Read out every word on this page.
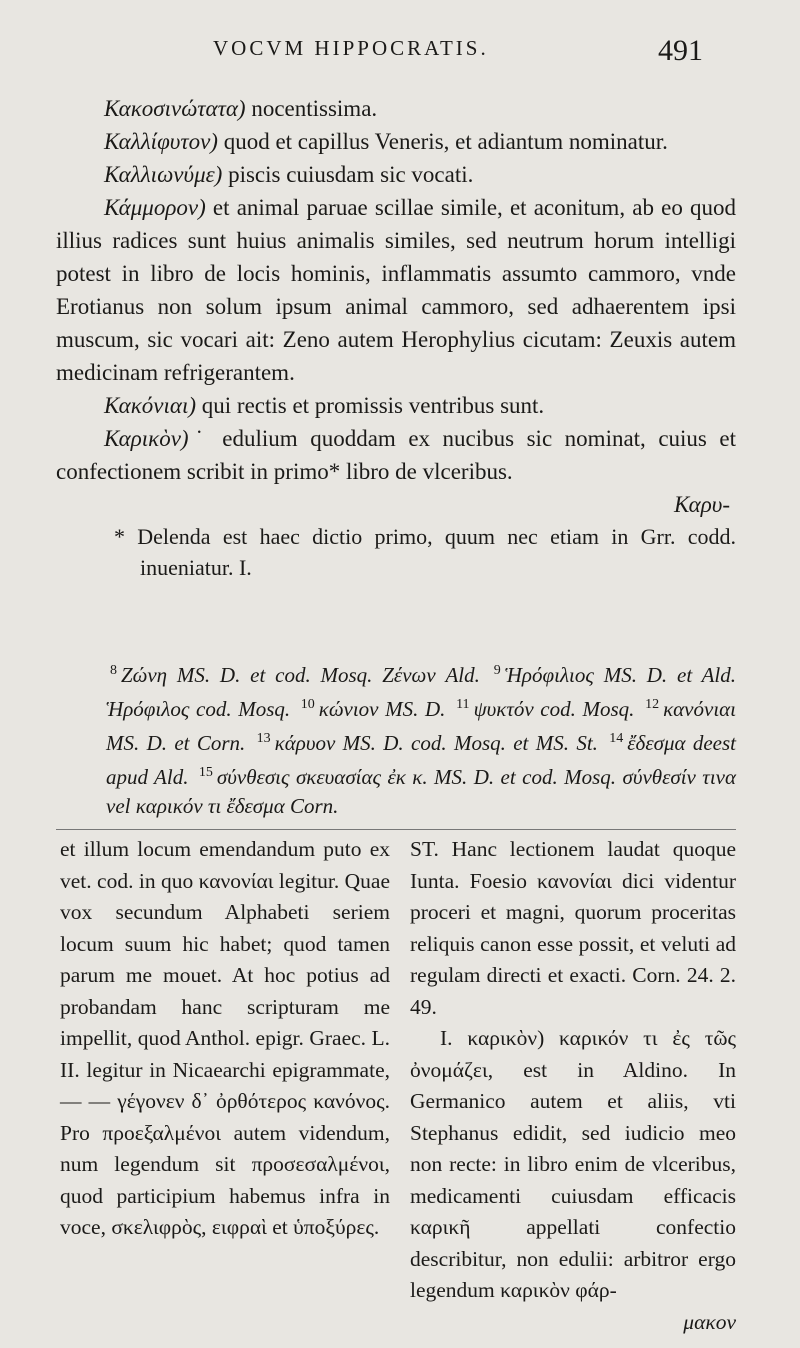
VOCVM HIPPOCRATIS.	491

Κακοσινώτατα) nocentissima.

Καλλίφυτον) quod et capillus Veneris, et adiantum nominatur.

Καλλιωνύμε) piscis cuiusdam sic vocati.

Κάμμορον) et animal paruae scillae simile, et aconitum, ab eo quod illius radices sunt huius animalis similes, sed neutrum horum intelligi potest in libro de locis hominis, inflammatis assumto cammoro, vnde Erotianus non solum ipsum animal cammoro, sed adhaerentem ipsi muscum, sic vocari ait: Zeno autem Herophylius cicutam: Zeuxis autem medicinam refrigerantem.

Κακόνιαι) qui rectis et promissis ventribus sunt.

Καρικὸν)˙ edulium quoddam ex nucibus sic nominat, cuius et confectionem scribit in primo* libro de vlceribus.

Καρυ-

* Delenda est haec dictio primo, quum nec etiam in Grr. codd. inueniatur. I.

$^8$ Ζώνη MS. D. et cod. Mosq. Ζένων Ald. $^9$ Ἡρόφιλιος MS. D. et Ald. Ἡρόφιλος cod. Mosq. $^{10}$ κώνιον MS. D. $^{11}$ ψυκτόν cod. Mosq. $^{12}$ κανόνιαι MS. D. et Corn. $^{13}$ κάρυον MS. D. cod. Mosq. et MS. St. $^{14}$ ἔδεσμα deest apud Ald. $^{15}$ σύνθεσις σκευασίας ἐκ κ. MS. D. et cod. Mosq. σύνθεσίν τινα vel καρικόν τι ἔδεσμα Corn.

et illum locum emendandum puto ex vet. cod. in quo κανονίαι legitur. Quae vox secundum Alphabeti seriem locum suum hic habet; quod tamen parum me mouet. At hoc potius ad probandam hanc scripturam me impellit, quod Anthol. epigr. Graec. L. II. legitur in Nicaearchi epigrammate, — — γέγονεν δ᾽ ὀρθότερος κανόνος. Pro προεξαλμένοι autem videndum, num legendum sit προσεσαλμένοι, quod participium habemus infra in voce, σκελιφρὸς, ειφραὶ et ὑποξύρες.

ST. Hanc lectionem laudat quoque Iunta. Foesio κανονίαι dici videntur proceri et magni, quorum proceritas reliquis canon esse possit, et veluti ad regulam directi et exacti. Corn. 24. 2. 49.

I. καρικὸν) καρικόν τι ἐς τῶς ὀνομάζει, est in Aldino. In Germanico autem et aliis, vti Stephanus edidit, sed iudicio meo non recte: in libro enim de vlceribus, medicamenti cuiusdam efficacis καρικῆ appellati confectio describitur, non edulii: arbitror ergo legendum καρικὸν φάρ-

μακον
